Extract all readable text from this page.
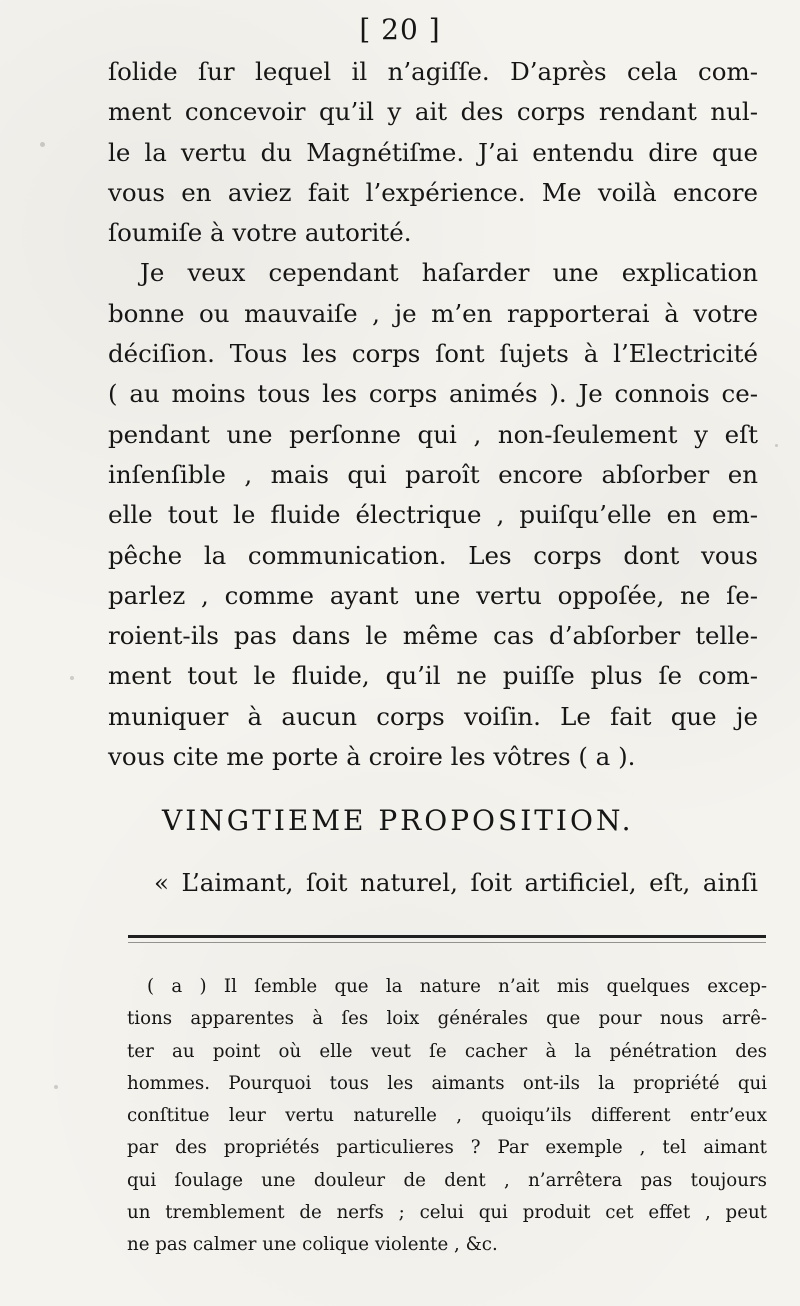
[ 20 ]
ſolide ſur lequel il n’agiſſe. D’après cela com-
ment concevoir qu’il y ait des corps rendant nul-
le la vertu du Magnétiſme. J’ai entendu dire que
vous en aviez fait l’expérience. Me voilà encore
ſoumiſe à votre autorité.
Je veux cependant haſarder une explication
bonne ou mauvaiſe , je m’en rapporterai à votre
déciſion. Tous les corps ſont ſujets à l’Electricité
( au moins tous les corps animés ). Je connois ce-
pendant une perſonne qui , non-ſeulement y eſt
inſenſible , mais qui paroît encore abſorber en
elle tout le fluide électrique , puiſqu’elle en em-
pêche la communication. Les corps dont vous
parlez , comme ayant une vertu oppoſée, ne ſe-
roient-ils pas dans le même cas d’abſorber telle-
ment tout le fluide, qu’il ne puiſſe plus ſe com-
muniquer à aucun corps voiſin. Le fait que je
vous cite me porte à croire les vôtres ( a ).
VINGTIEME PROPOSITION.
« L’aimant, ſoit naturel, ſoit artificiel, eſt, ainſi
( a ) Il ſemble que la nature n’ait mis quelques excep-
tions apparentes à ſes loix générales que pour nous arrê-
ter au point où elle veut ſe cacher à la pénétration des
hommes. Pourquoi tous les aimants ont-ils la propriété qui
conſtitue leur vertu naturelle , quoiqu’ils different entr’eux
par des propriétés particulieres ? Par exemple , tel aimant
qui ſoulage une douleur de dent , n’arrêtera pas toujours
un tremblement de nerfs ; celui qui produit cet effet , peut
ne pas calmer une colique violente , &c.
